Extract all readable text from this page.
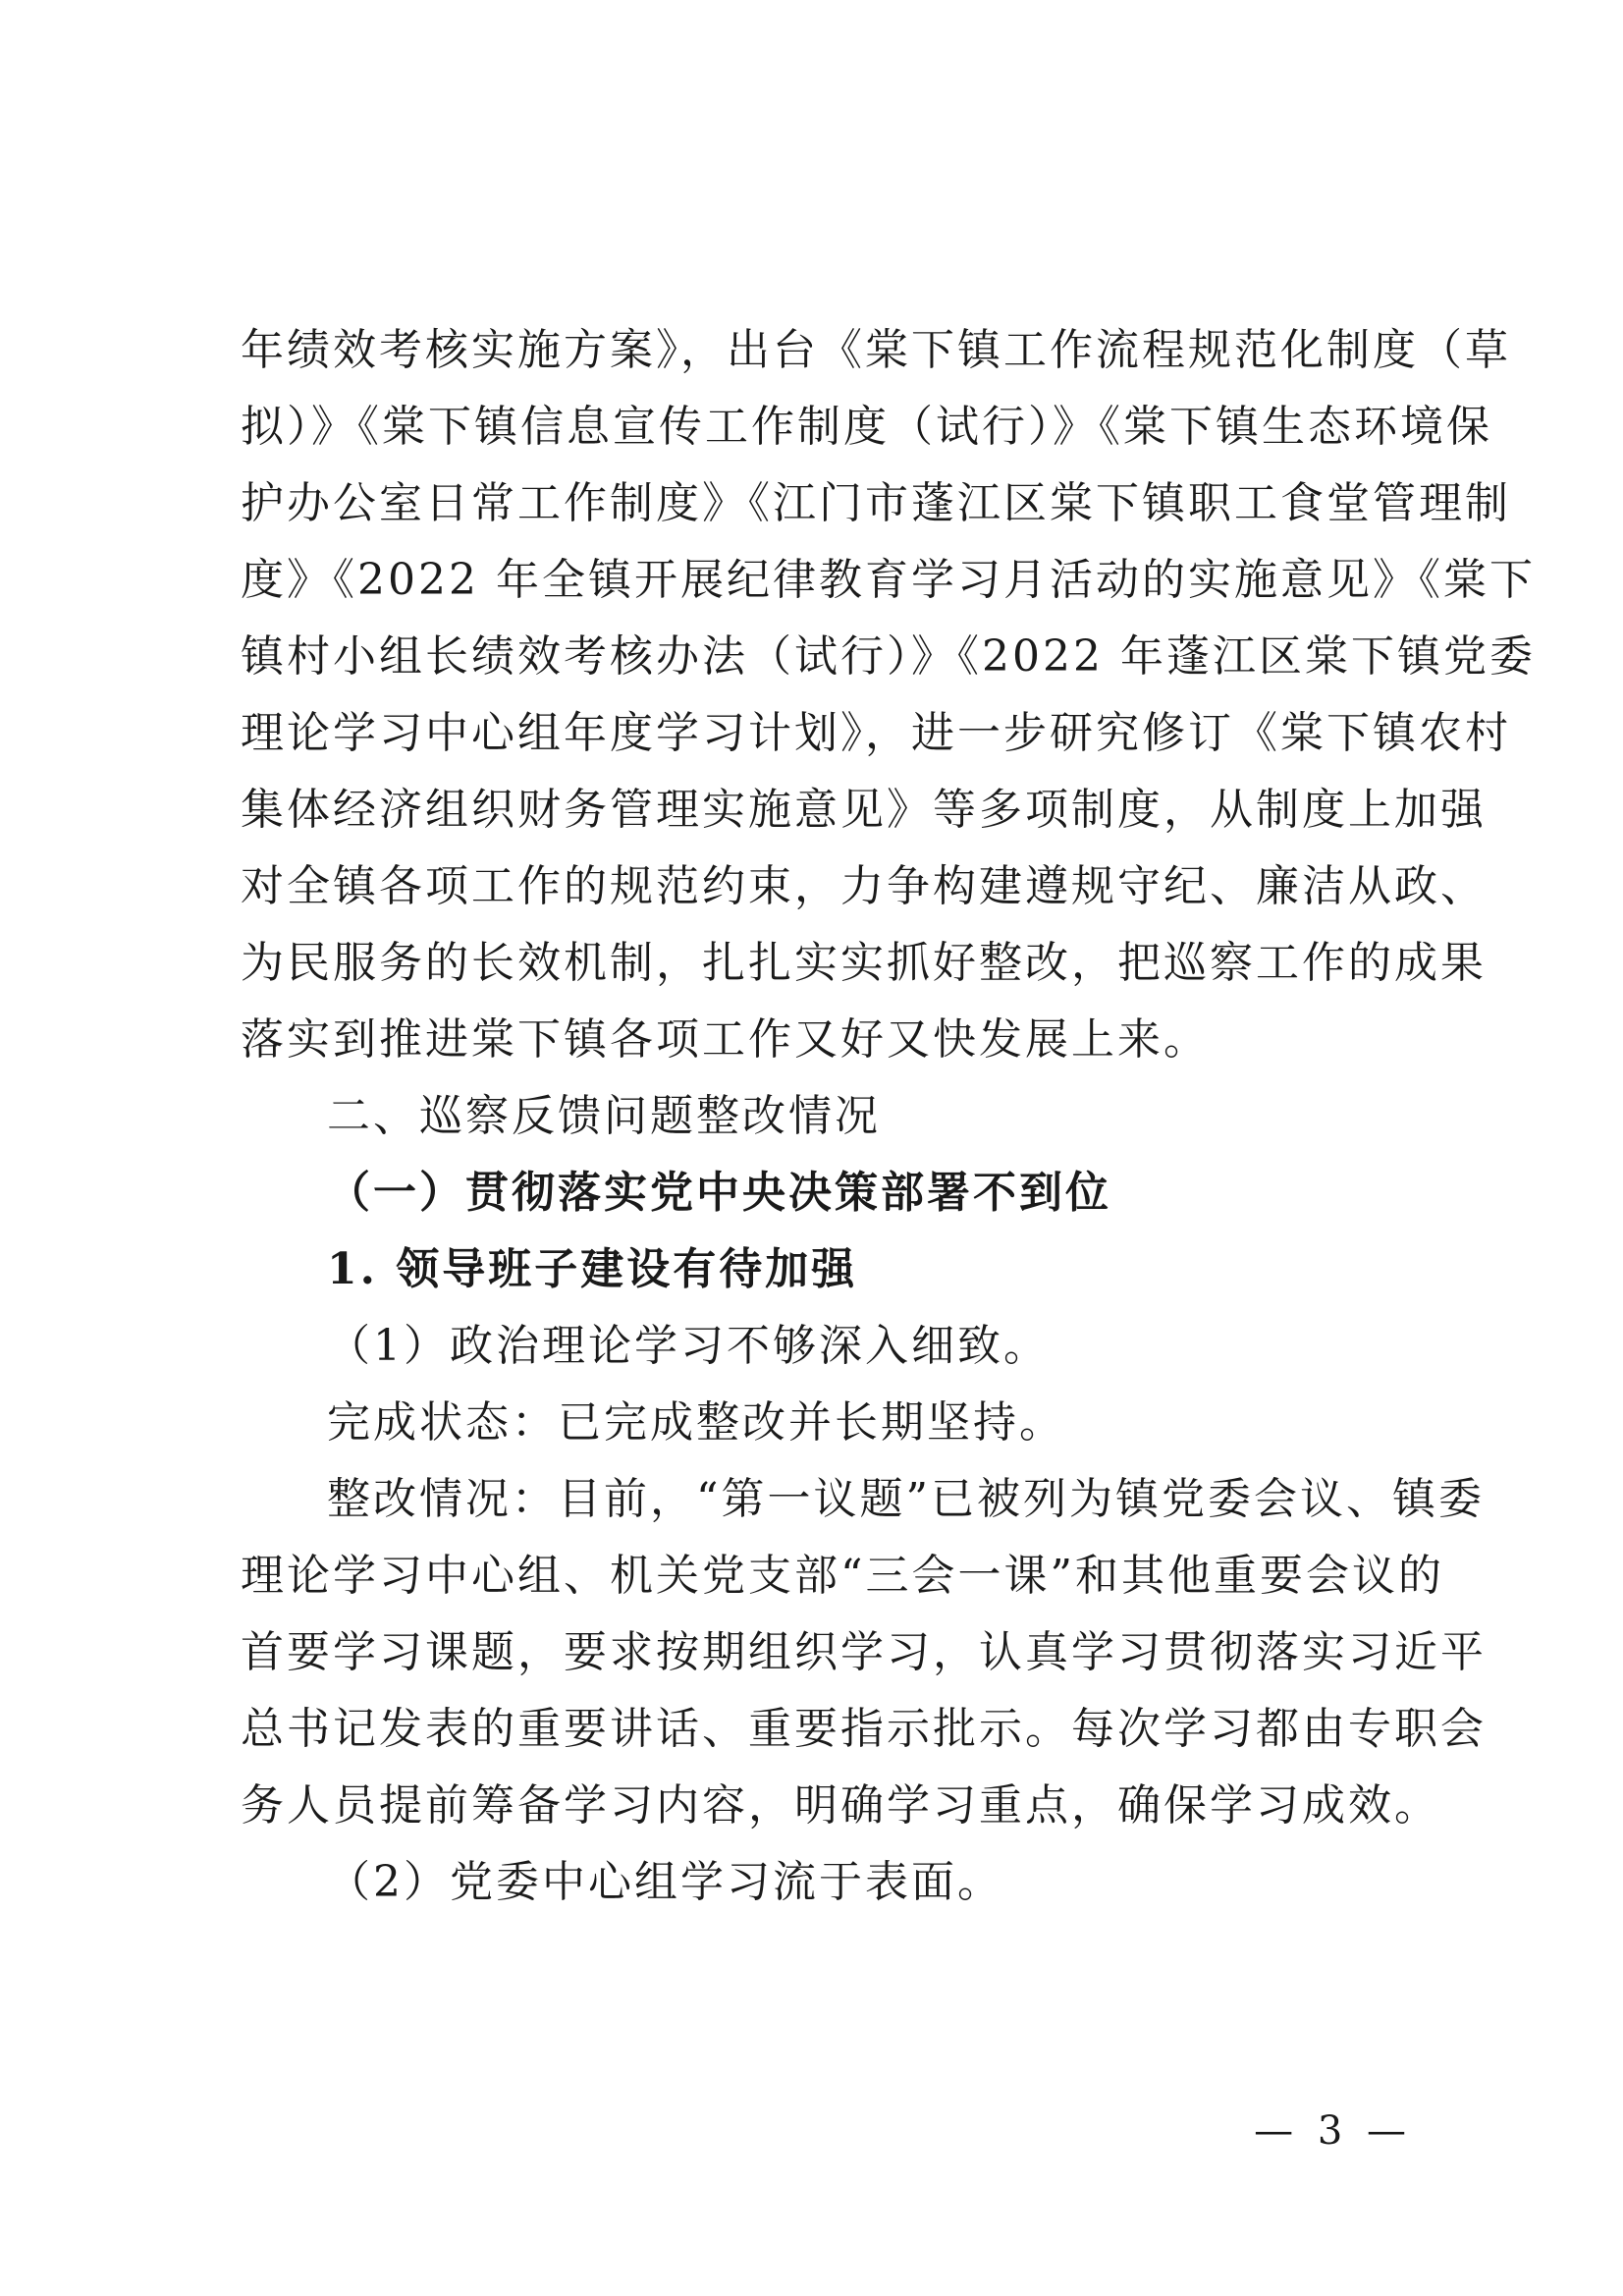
年绩效考核实施方案》，出台《棠下镇工作流程规范化制度（草
拟）》《棠下镇信息宣传工作制度（试行）》《棠下镇生态环境保
护办公室日常工作制度》《江门市蓬江区棠下镇职工食堂管理制
度》《2022 年全镇开展纪律教育学习月活动的实施意见》《棠下
镇村小组长绩效考核办法（试行）》《2022 年蓬江区棠下镇党委
理论学习中心组年度学习计划》，进一步研究修订《棠下镇农村
集体经济组织财务管理实施意见》等多项制度，从制度上加强
对全镇各项工作的规范约束，力争构建遵规守纪、廉洁从政、
为民服务的长效机制，扎扎实实抓好整改，把巡察工作的成果
落实到推进棠下镇各项工作又好又快发展上来。
二、巡察反馈问题整改情况
（一）贯彻落实党中央决策部署不到位
1. 领导班子建设有待加强
（1）政治理论学习不够深入细致。
完成状态：已完成整改并长期坚持。
整改情况：目前，“第一议题”已被列为镇党委会议、镇委
理论学习中心组、机关党支部“三会一课”和其他重要会议的
首要学习课题，要求按期组织学习，认真学习贯彻落实习近平
总书记发表的重要讲话、重要指示批示。每次学习都由专职会
务人员提前筹备学习内容，明确学习重点，确保学习成效。
（2）党委中心组学习流于表面。
— 3 —
